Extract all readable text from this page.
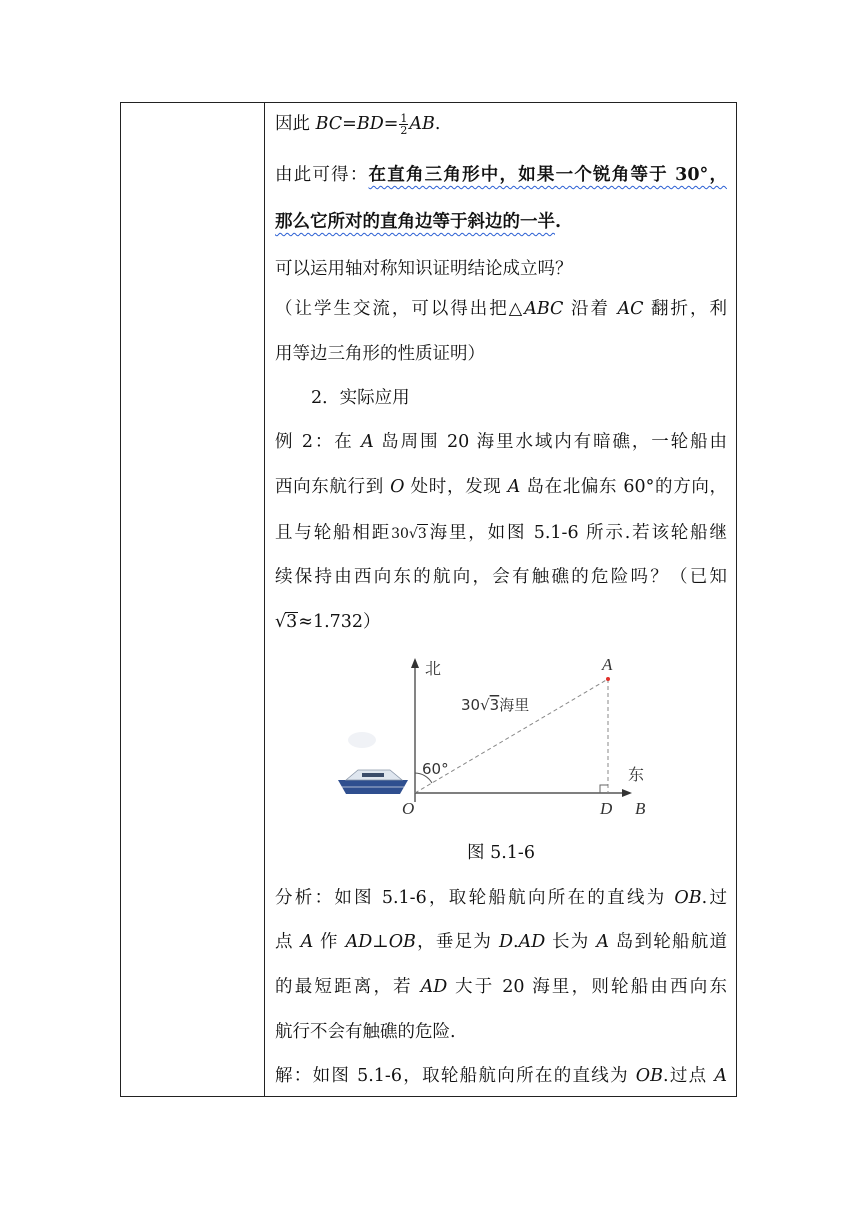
因此 $BC=BD= \frac{1}{2}$ AB.
由此可得：在直角三角形中，如果一个锐角等于 30°，
那么它所对的直角边等于斜边的一半.
可以运用轴对称知识证明结论成立吗？
（让学生交流，可以得出把△ABC 沿着 AC 翻折，利
用等边三角形的性质证明）
2．实际应用
例 2：在 A 岛周围 20 海里水域内有暗礁，一轮船由
西向东航行到 O 处时，发现 A 岛在北偏东 60°的方向，
且与轮船相距30√3海里，如图 5.1-6 所示.若该轮船继
续保持由西向东的航向，会有触礁的危险吗？（已知
√3≈1.732）
图 5.1-6
分析：如图 5.1-6，取轮船航向所在的直线为 OB.过
点 A 作 AD⊥OB，垂足为 D.AD 长为 A 岛到轮船航道
的最短距离，若 AD 大于 20 海里，则轮船由西向东
航行不会有触礁的危险.
解：如图 5.1-6，取轮船航向所在的直线为 OB.过点 A
北
东
60°
A
30√3海里
O	D B
